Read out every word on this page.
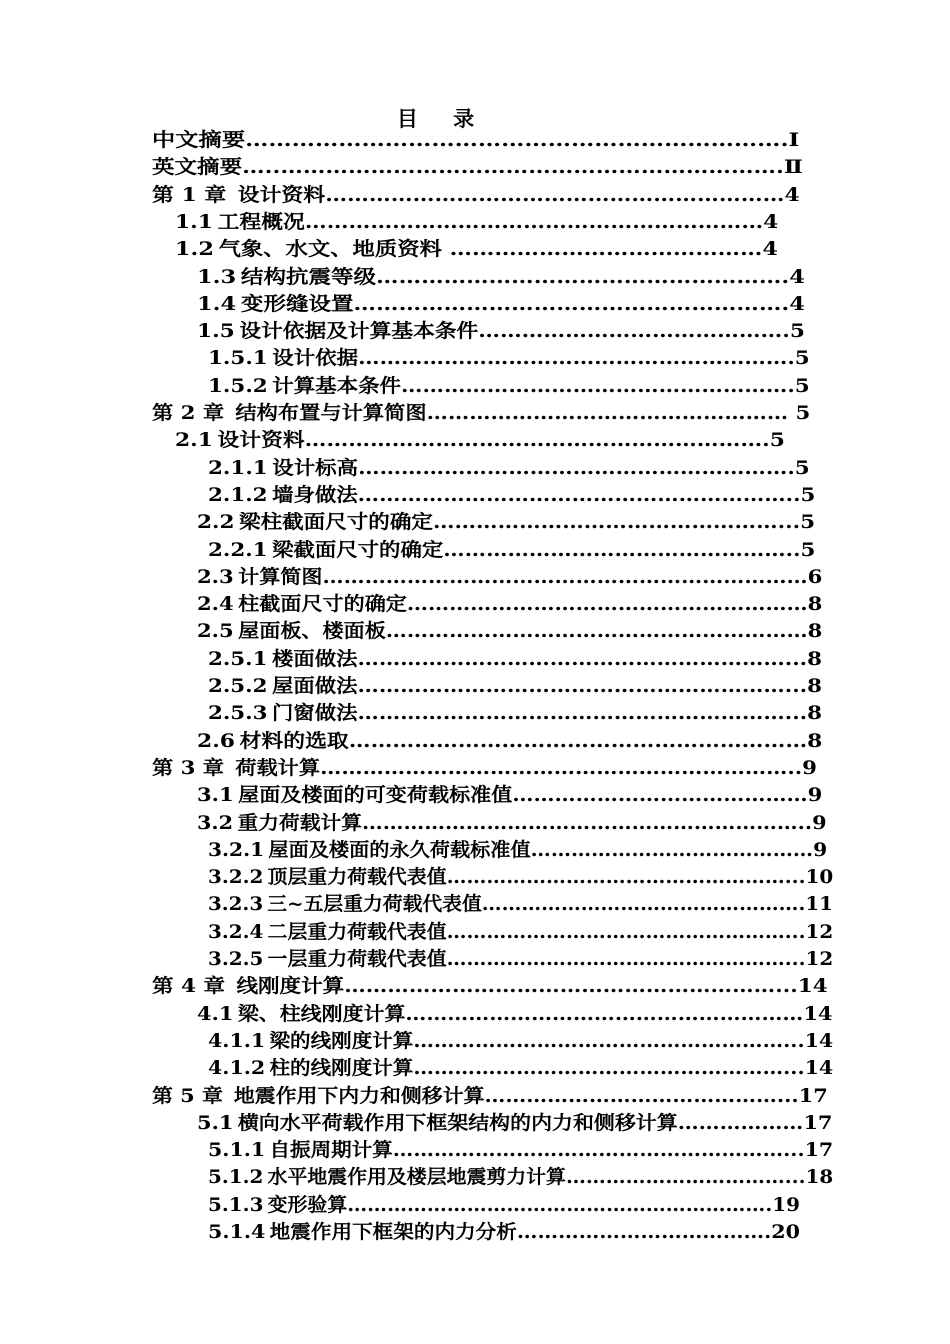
目 录
中文摘要…………………………………………………………….Ⅰ
英文摘要…..………………………………………………………….Ⅱ
第 1 章 设计资料………………………………………………………4
1.1 工程概况………………………………………………………4
1.2 气象、水文、地质资料 ……………………………………4
1.3 结构抗震等级……………………………………………….4
1.4 变形缝设置………………………………………………….4
1.5 设计依据及计算基本条件…………………………………….5
1.5.1 设计依据…………………………………………………….5
1.5.2 计算基本条件……………………………………………….5
第 2 章 结构布置与计算简图…………………………………………… 5
2.1 设计资料……………………………………………………….5
2.1.1 设计标高…………………………………………………….5
2.1.2 墙身做法……………………………………………………..5
2.2 梁柱截面尺寸的确定…………………………………………...5
2.2.1 梁截面尺寸的确定…………………………………………..5
2.3 计算简图……………………………………………………………6
2.4 柱截面尺寸的确定…………………………………………………8
2.5 屋面板、楼面板……………………………………………………8
2.5.1 楼面做法……………………………………………………...8
2.5.2 屋面做法……………………………………………………...8
2.5.3 门窗做法……………………………………………………...8
2.6 材料的选取………………………………………………………8
第 3 章 荷载计算…………………………………………………………..9
3.1 屋面及楼面的可变荷载标准值……………………………………9
3.2 重力荷载计算………………………………………………………..9
3.2.1 屋面及楼面的永久荷载标准值……………………………………9
3.2.2 顶层重力荷载代表值……………………………………………...10
3.2.3 三~五层重力荷载代表值………………………………………….11
3.2.4 二层重力荷载代表值……………………………………………...12
3.2.5 一层重力荷载代表值……………………………………………...12
第 4 章 线刚度计算……………………………………………………...14
4.1 梁、柱线刚度计算…………………………………………………14
4.1.1 梁的线刚度计算………………………………………………...14
4.1.2 柱的线刚度计算………………………………………………...14
第 5 章 地震作用下内力和侧移计算……………………………………...17
5.1 横向水平荷载作用下框架结构的内力和侧移计算………………17
5.1.1 自振周期计算…………………………………………………...17
5.1.2 水平地震作用及楼层地震剪力计算……………………………...18
5.1.3 变形验算……………………………………………………….19
5.1.4 地震作用下框架的内力分析……………………………….20
